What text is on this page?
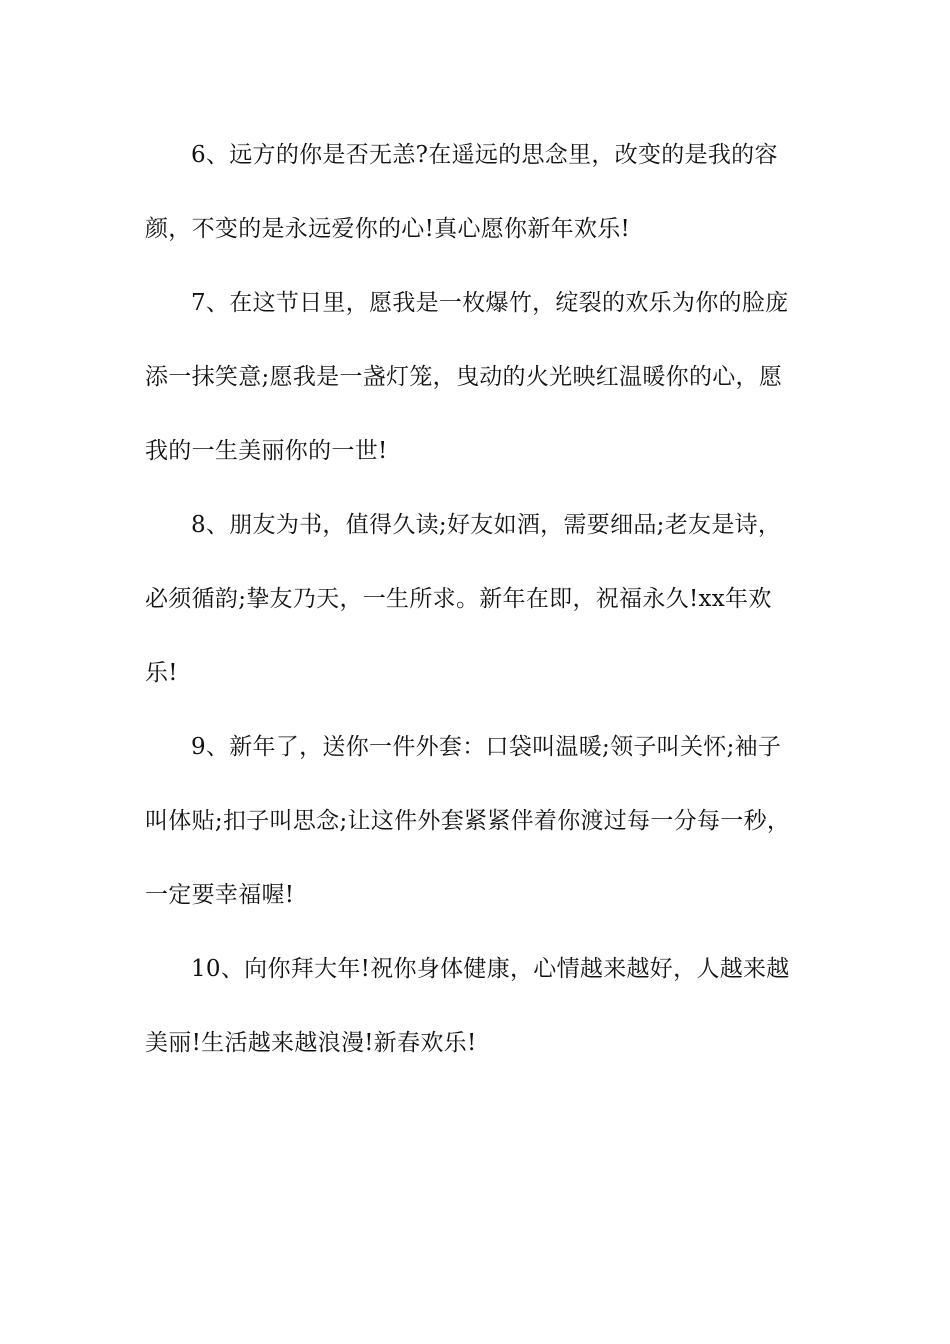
6、远方的你是否无恙?在遥远的思念里，改变的是我的容
颜，不变的是永远爱你的心!真心愿你新年欢乐!
7、在这节日里，愿我是一枚爆竹，绽裂的欢乐为你的脸庞
添一抹笑意;愿我是一盏灯笼，曳动的火光映红温暖你的心，愿
我的一生美丽你的一世!
8、朋友为书，值得久读;好友如酒，需要细品;老友是诗，
必须循韵;挚友乃天，一生所求。新年在即，祝福永久!xx年欢
乐!
9、新年了，送你一件外套：口袋叫温暖;领子叫关怀;袖子
叫体贴;扣子叫思念;让这件外套紧紧伴着你渡过每一分每一秒，
一定要幸福喔!
10、向你拜大年!祝你身体健康，心情越来越好，人越来越
美丽!生活越来越浪漫!新春欢乐!
